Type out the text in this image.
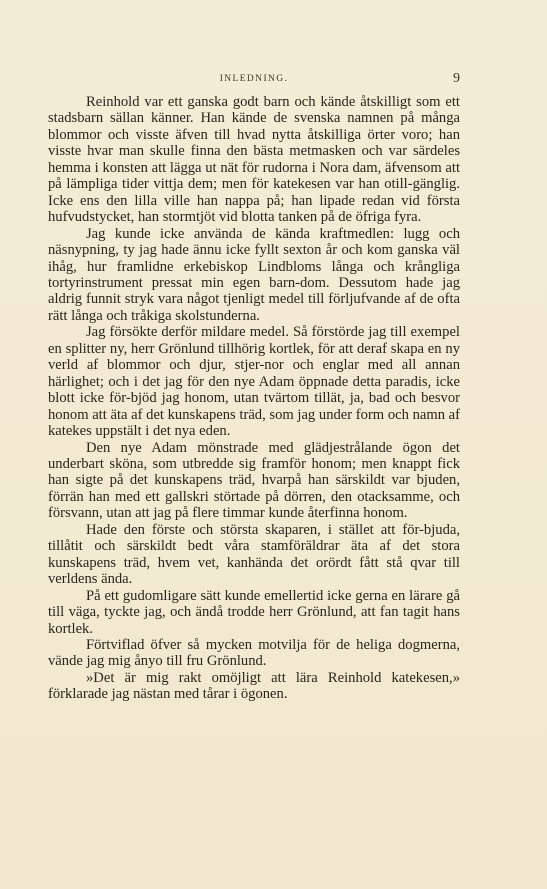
INLEDNING.	9

Reinhold var ett ganska godt barn och kände åtskilligt som ett stadsbarn sällan känner. Han kände de svenska namnen på många blommor och visste äfven till hvad nytta åtskilliga örter voro; han visste hvar man skulle finna den bästa metmasken och var särdeles hemma i konsten att lägga ut nät för rudorna i Nora dam, äfvensom att på lämpliga tider vittja dem; men för katekesen var han otill-gänglig. Icke ens den lilla ville han nappa på; han lipade redan vid första hufvudstycket, han stormtjöt vid blotta tanken på de öfriga fyra.

Jag kunde icke använda de kända kraftmedlen: lugg och näsnypning, ty jag hade ännu icke fyllt sexton år och kom ganska väl ihåg, hur framlidne erkebiskop Lindbloms långa och krångliga tortyrinstrument pressat min egen barn-dom. Dessutom hade jag aldrig funnit stryk vara något tjenligt medel till förljufvande af de ofta rätt långa och tråkiga skolstunderna.

Jag försökte derför mildare medel. Så förstörde jag till exempel en splitter ny, herr Grönlund tillhörig kortlek, för att deraf skapa en ny verld af blommor och djur, stjer-nor och englar med all annan härlighet; och i det jag för den nye Adam öppnade detta paradis, icke blott icke för-bjöd jag honom, utan tvärtom tillät, ja, bad och besvor honom att äta af det kunskapens träd, som jag under form och namn af katekes uppstält i det nya eden.

Den nye Adam mönstrade med glädjestrålande ögon det underbart sköna, som utbredde sig framför honom; men knappt fick han sigte på det kunskapens träd, hvarpå han särskildt var bjuden, förrän han med ett gallskri störtade på dörren, den otacksamme, och försvann, utan att jag på flere timmar kunde återfinna honom.

Hade den förste och största skaparen, i stället att för-bjuda, tillåtit och särskildt bedt våra stamföräldrar äta af det stora kunskapens träd, hvem vet, kanhända det orördt fått stå qvar till verldens ända.

På ett gudomligare sätt kunde emellertid icke gerna en lärare gå till väga, tyckte jag, och ändå trodde herr Grönlund, att fan tagit hans kortlek.

Förtviflad öfver så mycken motvilja för de heliga dogmerna, vände jag mig ånyo till fru Grönlund.

»Det är mig rakt omöjligt att lära Reinhold katekesen,» förklarade jag nästan med tårar i ögonen.
